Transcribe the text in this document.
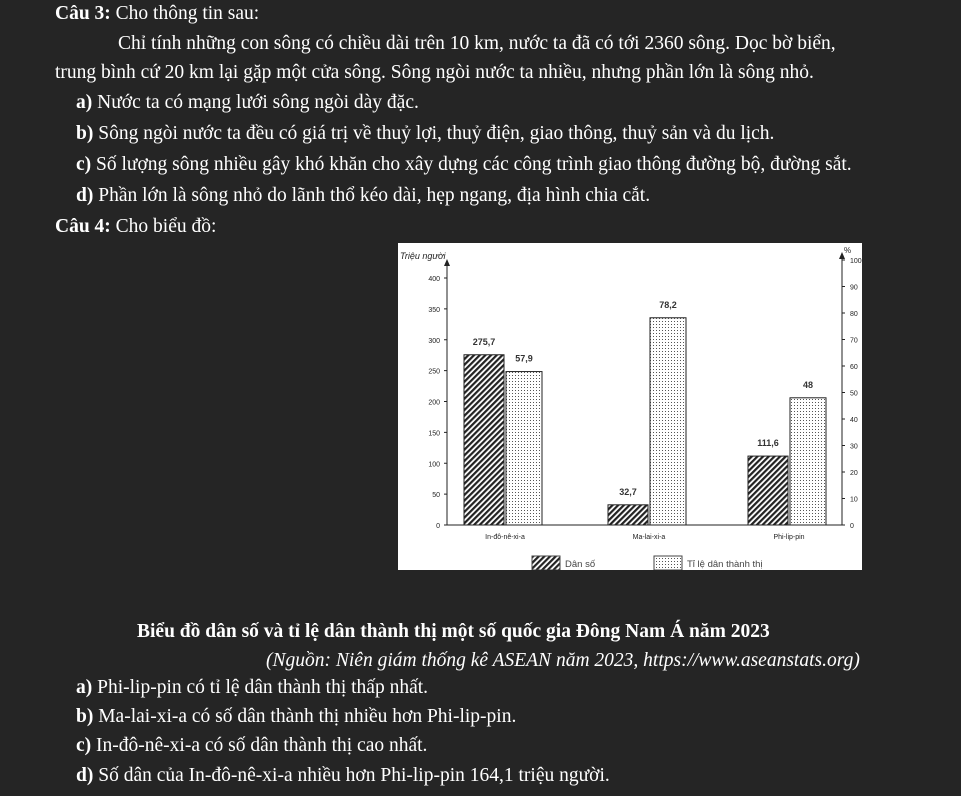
Câu 3: Cho thông tin sau:
Chỉ tính những con sông có chiều dài trên 10 km, nước ta đã có tới 2360 sông. Dọc bờ biển,
trung bình cứ 20 km lại gặp một cửa sông. Sông ngòi nước ta nhiều, nhưng phần lớn là sông nhỏ.
a) Nước ta có mạng lưới sông ngòi dày đặc.
b) Sông ngòi nước ta đều có giá trị về thuỷ lợi, thuỷ điện, giao thông, thuỷ sản và du lịch.
c) Số lượng sông nhiều gây khó khăn cho xây dựng các công trình giao thông đường bộ, đường sắt.
d) Phần lớn là sông nhỏ do lãnh thổ kéo dài, hẹp ngang, địa hình chia cắt.
Câu 4: Cho biểu đồ:
Triệu người
%
0
50
100
150
200
250
300
350
400
0
10
20
30
40
50
60
70
80
90
100
In-đô-nê-xi-a	Ma-lai-xi-a	Phi-lip-pin
275,7
57,9
32,7
78,2
111,6
48
Dân số	Tỉ lệ dân thành thị
Biểu đồ dân số và tỉ lệ dân thành thị một số quốc gia Đông Nam Á năm 2023
(Nguồn: Niên giám thống kê ASEAN năm 2023, https://www.aseanstats.org)
a) Phi-lip-pin có tỉ lệ dân thành thị thấp nhất.
b) Ma-lai-xi-a có số dân thành thị nhiều hơn Phi-lip-pin.
c) In-đô-nê-xi-a có số dân thành thị cao nhất.
d) Số dân của In-đô-nê-xi-a nhiều hơn Phi-lip-pin 164,1 triệu người.
